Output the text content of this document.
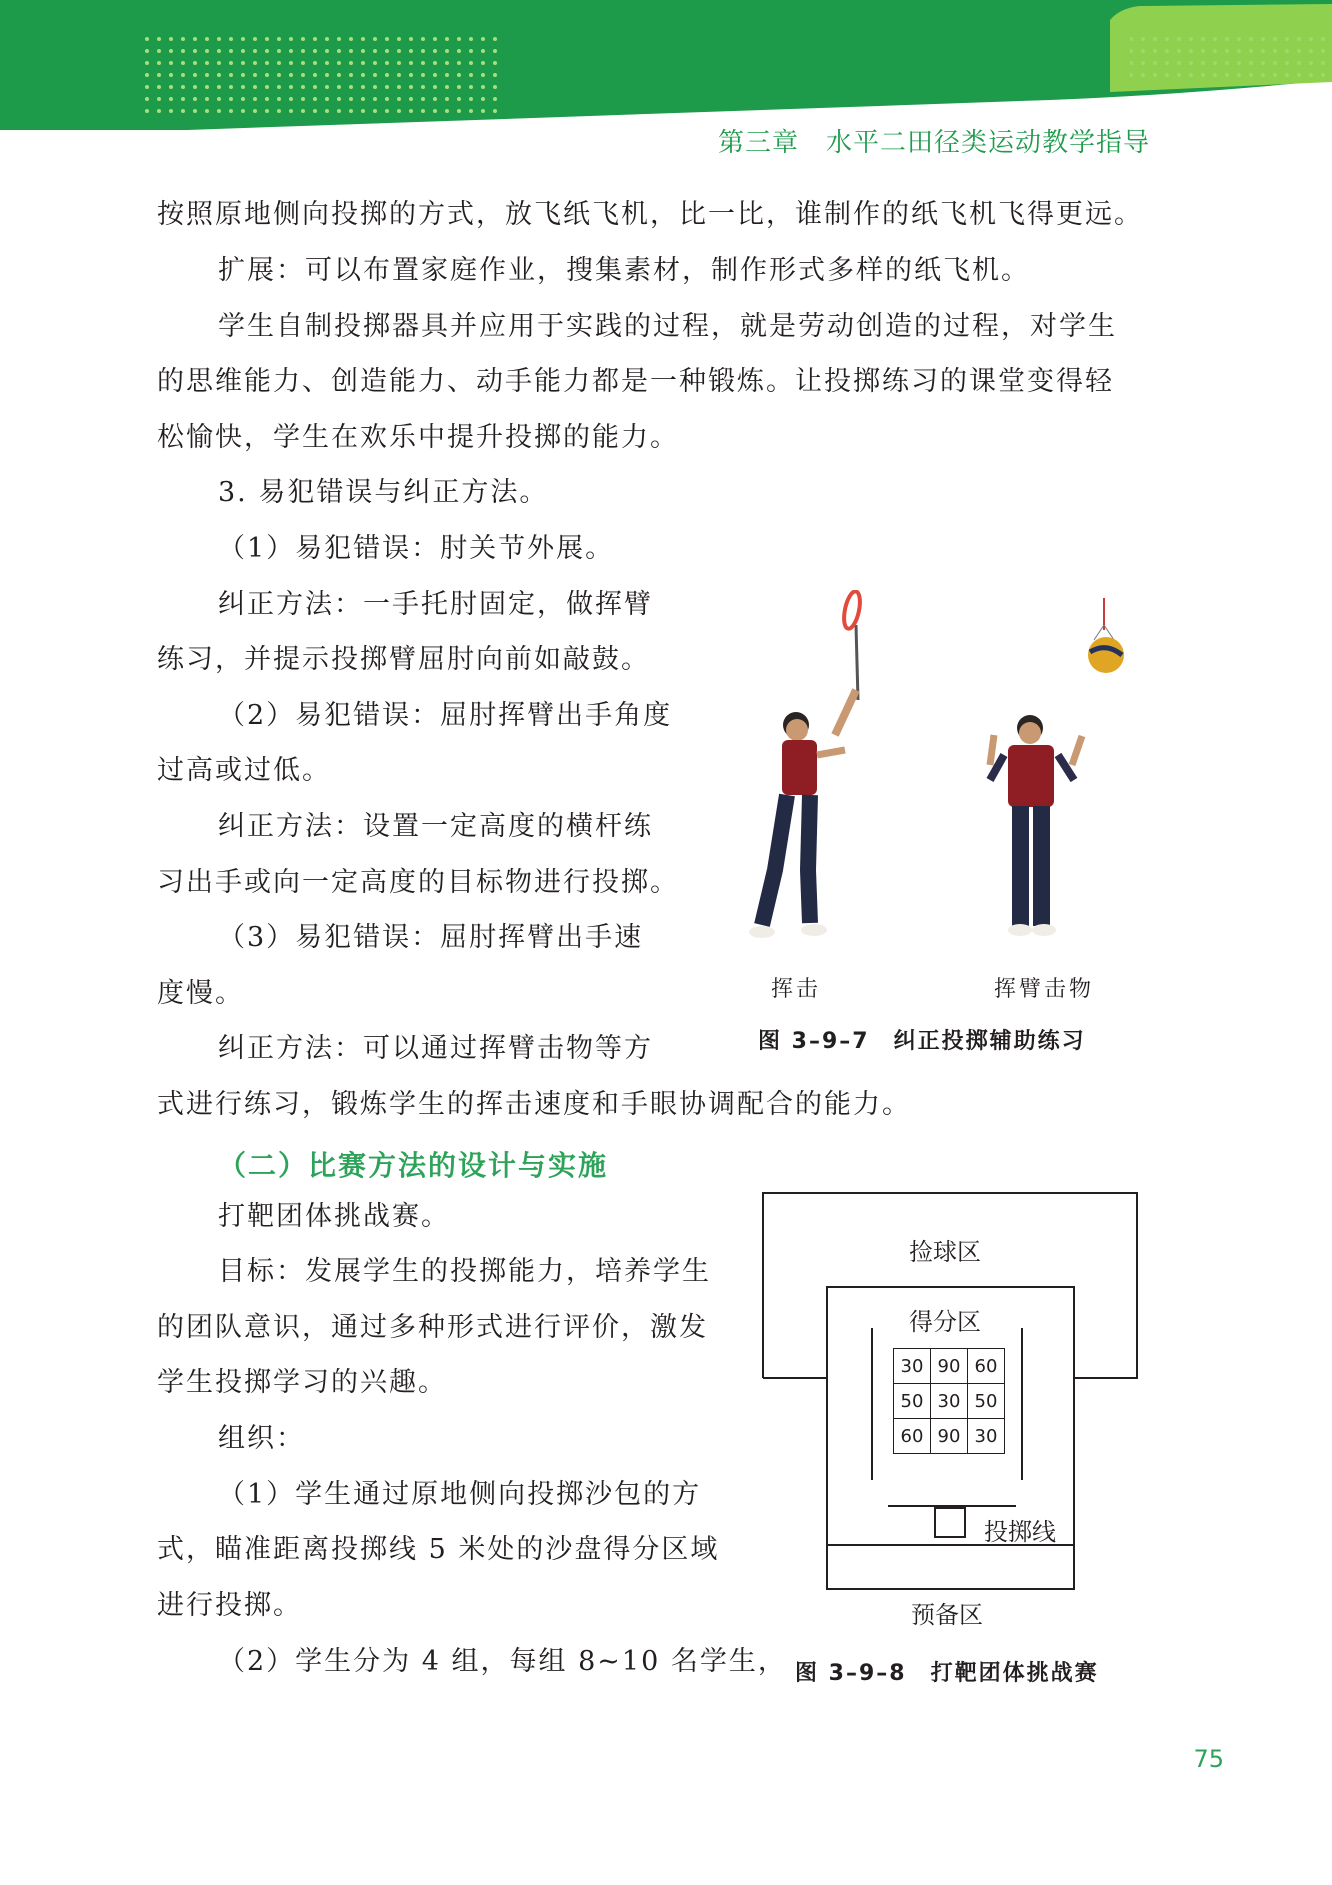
第三章　水平二田径类运动教学指导
按照原地侧向投掷的方式，放飞纸飞机，比一比，谁制作的纸飞机飞得更远。
扩展：可以布置家庭作业，搜集素材，制作形式多样的纸飞机。
学生自制投掷器具并应用于实践的过程，就是劳动创造的过程，对学生
的思维能力、创造能力、动手能力都是一种锻炼。让投掷练习的课堂变得轻
松愉快，学生在欢乐中提升投掷的能力。
3. 易犯错误与纠正方法。
（1）易犯错误：肘关节外展。
纠正方法：一手托肘固定，做挥臂
练习，并提示投掷臂屈肘向前如敲鼓。
（2）易犯错误：屈肘挥臂出手角度
过高或过低。
纠正方法：设置一定高度的横杆练
习出手或向一定高度的目标物进行投掷。
（3）易犯错误：屈肘挥臂出手速
度慢。
纠正方法：可以通过挥臂击物等方
式进行练习，锻炼学生的挥击速度和手眼协调配合的能力。
（二）比赛方法的设计与实施
打靶团体挑战赛。
目标：发展学生的投掷能力，培养学生
的团队意识，通过多种形式进行评价，激发
学生投掷学习的兴趣。
组织：
（1）学生通过原地侧向投掷沙包的方
式，瞄准距离投掷线 5 米处的沙盘得分区域
进行投掷。
（2）学生分为 4 组，每组 8~10 名学生，
挥击	挥臂击物
图 3–9–7　纠正投掷辅助练习
捡球区
得分区
30	90	60
50	30	50
60	90	30
投掷线
预备区
图 3–9–8　打靶团体挑战赛
75
